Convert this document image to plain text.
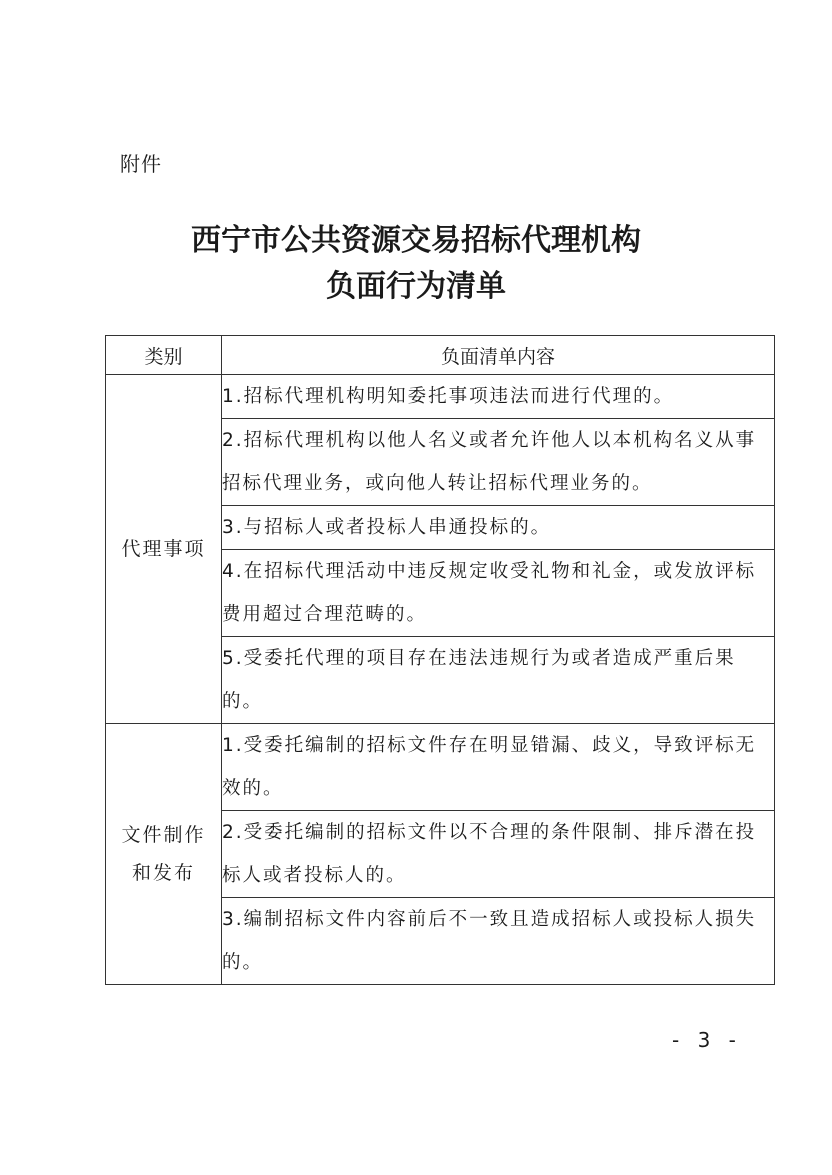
附件
西宁市公共资源交易招标代理机构
负面行为清单
类别	负面清单内容
代理事项	1.招标代理机构明知委托事项违法而进行代理的。
	2.招标代理机构以他人名义或者允许他人以本机构名义从事招标代理业务，或向他人转让招标代理业务的。
	3.与招标人或者投标人串通投标的。
	4.在招标代理活动中违反规定收受礼物和礼金，或发放评标费用超过合理范畴的。
	5.受委托代理的项目存在违法违规行为或者造成严重后果的。

文件制作
和发布	1.受委托编制的招标文件存在明显错漏、歧义，导致评标无效的。
	2.受委托编制的招标文件以不合理的条件限制、排斥潜在投标人或者投标人的。
	3.编制招标文件内容前后不一致且造成招标人或投标人损失的。
- 3 -
